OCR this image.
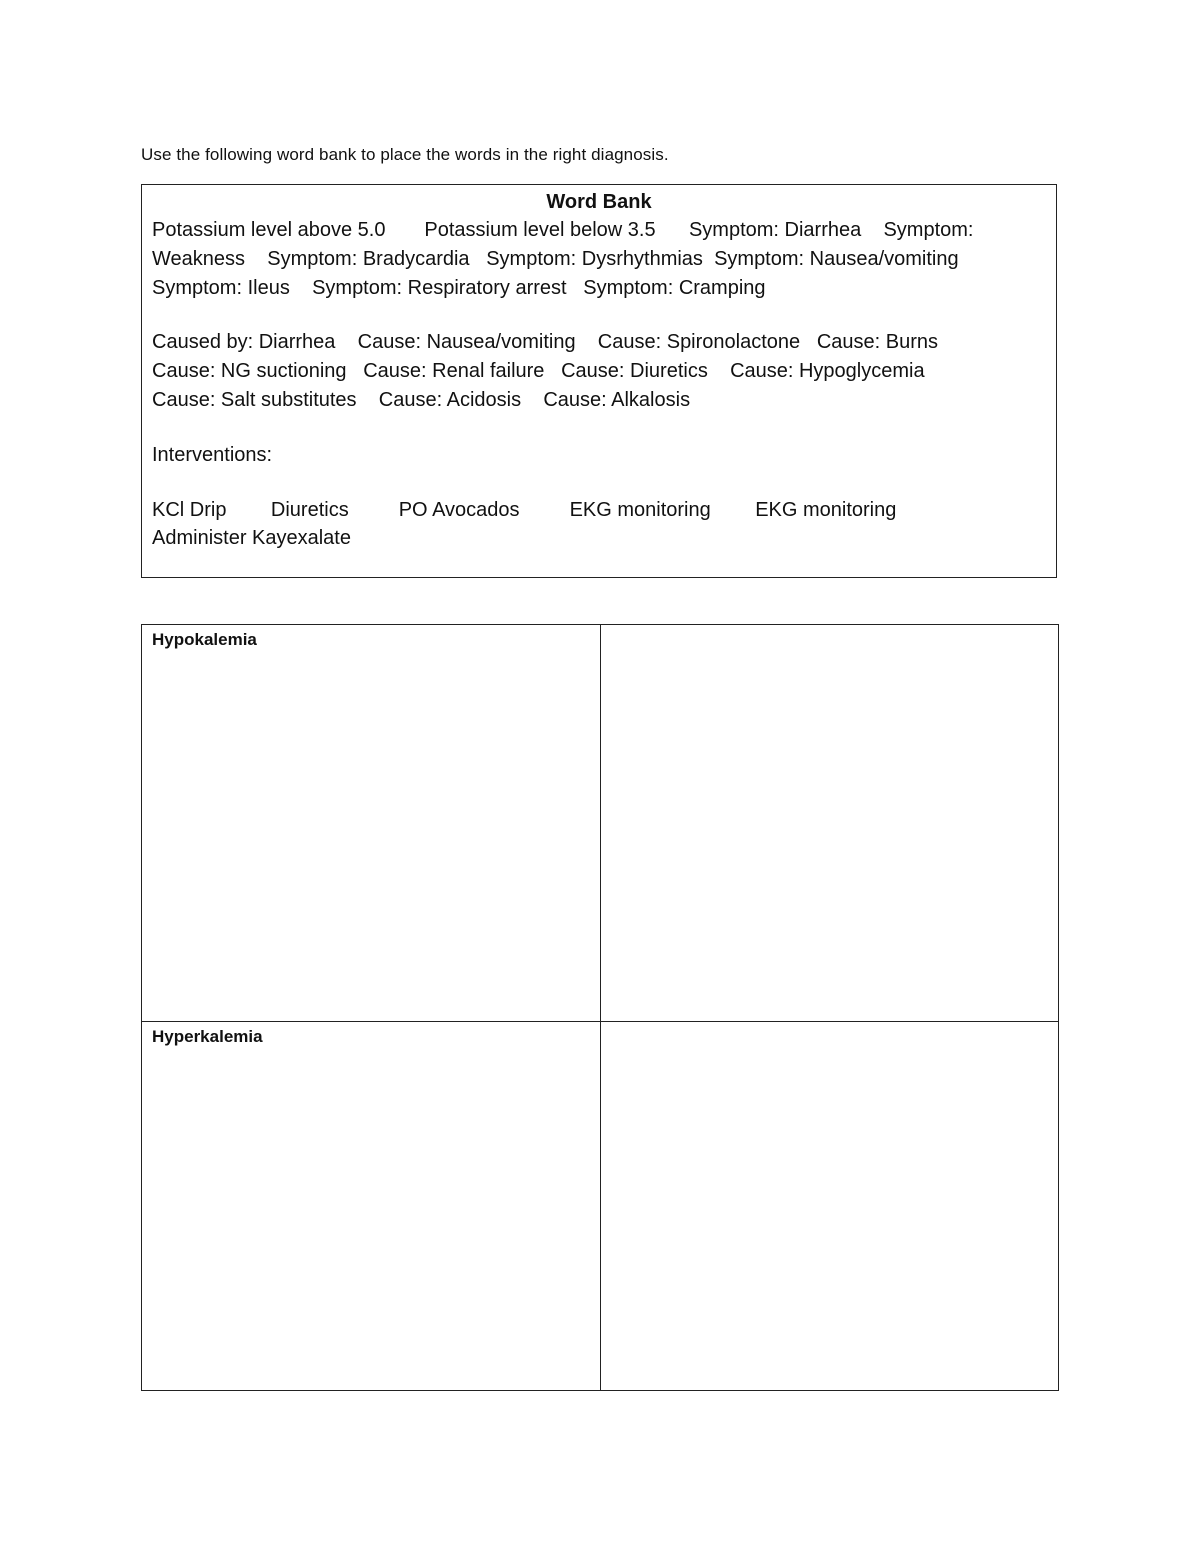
Use the following word bank to place the words in the right diagnosis.
Word Bank
Potassium level above 5.0 Potassium level below 3.5 Symptom: Diarrhea Symptom:
Weakness Symptom: Bradycardia Symptom: Dysrhythmias Symptom: Nausea/vomiting
Symptom: Ileus Symptom: Respiratory arrest Symptom: Cramping
Caused by: Diarrhea Cause: Nausea/vomiting Cause: Spironolactone Cause: Burns
Cause: NG suctioning Cause: Renal failure Cause: Diuretics Cause: Hypoglycemia
Cause: Salt substitutes Cause: Acidosis Cause: Alkalosis
Interventions:
KCl Drip Diuretics	PO Avocados	EKG monitoring EKG monitoring
Administer Kayexalate
Hypokalemia
Hyperkalemia
